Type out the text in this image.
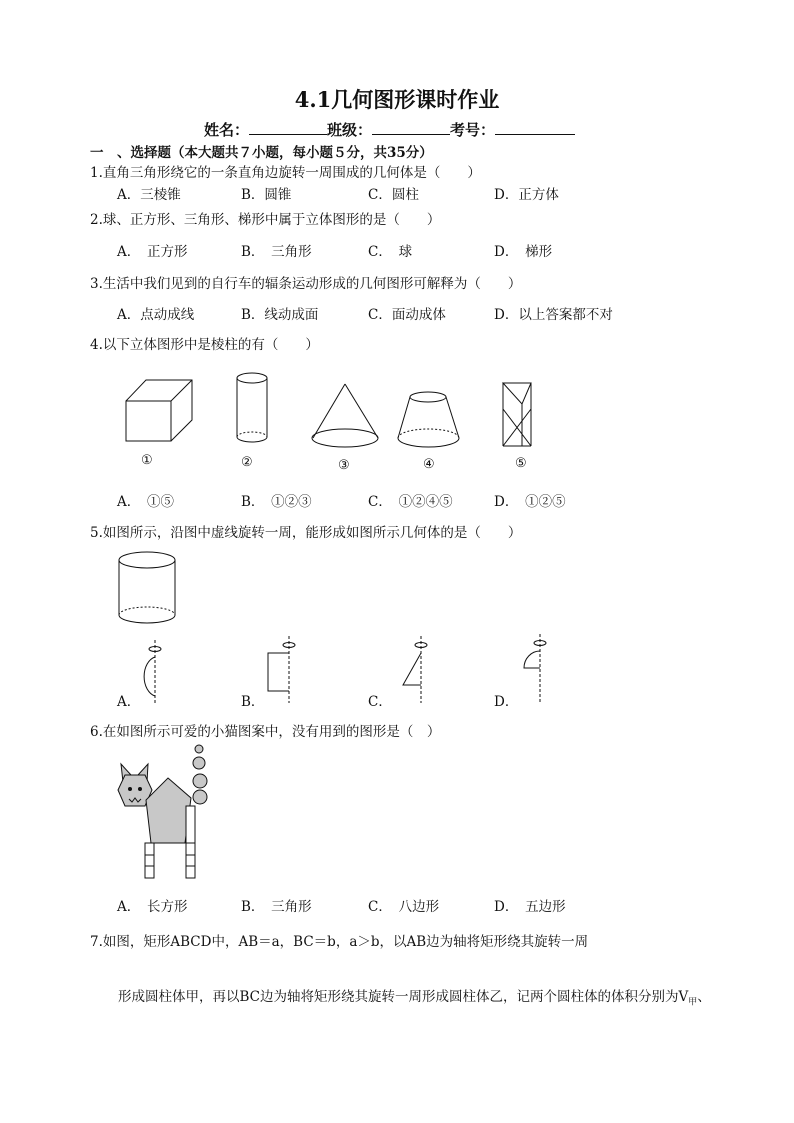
4.1几何图形课时作业
姓名：	班级：	考号：
一　、选择题（本大题共７小题，每小题５分，共35分）
1.直角三角形绕它的一条直角边旋转一周围成的几何体是（　　）
A．三棱锥	B．圆锥	C．圆柱	D．正方体
2.球、正方形、三角形、梯形中属于立体图形的是（　　）
A．　正方形	B．　三角形	C．　球	D．　梯形
3.生活中我们见到的自行车的辐条运动形成的几何图形可解释为（　　）
A．点动成线	B．线动成面	C．面动成体	D．以上答案都不对
4.以下立体图形中是棱柱的有（　　）
①	②	③	④	⑤
A．　①⑤	B．　①②③	C．　①②④⑤	D．　①②⑤
5.如图所示，沿图中虚线旋转一周，能形成如图所示几何体的是（　　）
A．	B．	C．	D．
6.在如图所示可爱的小猫图案中，没有用到的图形是（　）
A．　长方形	B．　三角形	C．　八边形	D．　五边形
7.如图，矩形ABCD中，AB＝a，BC＝b，a＞b，以AB边为轴将矩形绕其旋转一周
形成圆柱体甲，再以BC边为轴将矩形绕其旋转一周形成圆柱体乙，记两个圆柱体的体积分别为$V_甲$、
